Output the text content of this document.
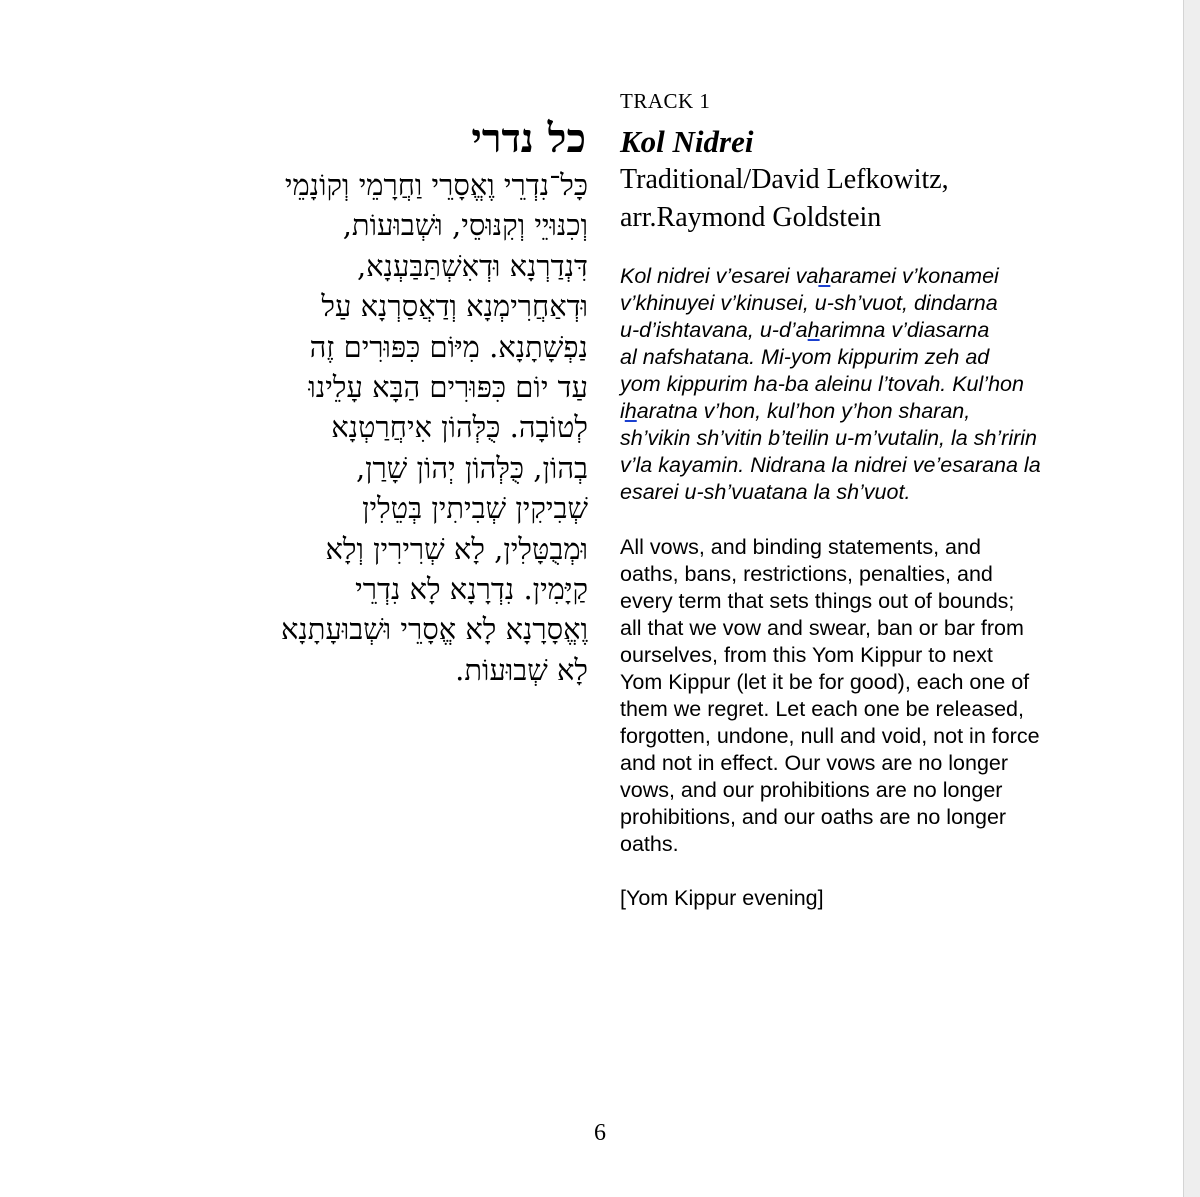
כל נדרי
כָּל־נִדְרֵי וֶאֱסָרֵי וַחֲרָמֵי וְקוֹנָמֵי
וְכִנּוּיֵי וְקִנּוּסֵי, וּשְׁבוּעוֹת,
דִּנְדַרְנָא וּדְאִשְׁתַּבַּעְנָא,
וּדְאַחֲרִימְנָא וְדַאֲסַרְנָא עַל
נַפְשָׁתָנָא. מִיּוֹם כִּפּוּרִים זֶה
עַד יוֹם כִּפּוּרִים הַבָּא עָלֵינוּ
לְטוֹבָה. כֻּלְּהוֹן אִיחֲרַטְנָא
בְהוֹן, כֻּלְּהוֹן יְהוֹן שָׁרַן,
שְׁבִיקִין שְׁבִיתִין בְּטֵלִין
וּמְבֻטָּלִין, לָא שְׁרִירִין וְלָא
קַיָּמִין. נִדְרָנָא לָא נִדְרֵי
וֶאֱסָרָנָא לָא אֱסָרֵי וּשְׁבוּעָתָנָא
לָא שְׁבוּעוֹת.
TRACK 1
Kol Nidrei
Traditional/David Lefkowitz,
arr.Raymond Goldstein
Kol nidrei v’esarei vaharamei v’konamei
v’khinuyei v’kinusei, u-sh’vuot, dindarna
u-d’ishtavana, u-d’aharimna v’diasarna
al nafshatana. Mi-yom kippurim zeh ad
yom kippurim ha-ba aleinu l’tovah. Kul’hon
iharatna v’hon, kul’hon y’hon sharan,
sh’vikin sh’vitin b’teilin u-m’vutalin, la sh’ririn
v’la kayamin. Nidrana la nidrei ve’esarana la
esarei u-sh’vuatana la sh’vuot.
All vows, and binding statements, and
oaths, bans, restrictions, penalties, and
every term that sets things out of bounds;
all that we vow and swear, ban or bar from
ourselves, from this Yom Kippur to next
Yom Kippur (let it be for good), each one of
them we regret. Let each one be released,
forgotten, undone, null and void, not in force
and not in effect. Our vows are no longer
vows, and our prohibitions are no longer
prohibitions, and our oaths are no longer
oaths.
[Yom Kippur evening]
6
